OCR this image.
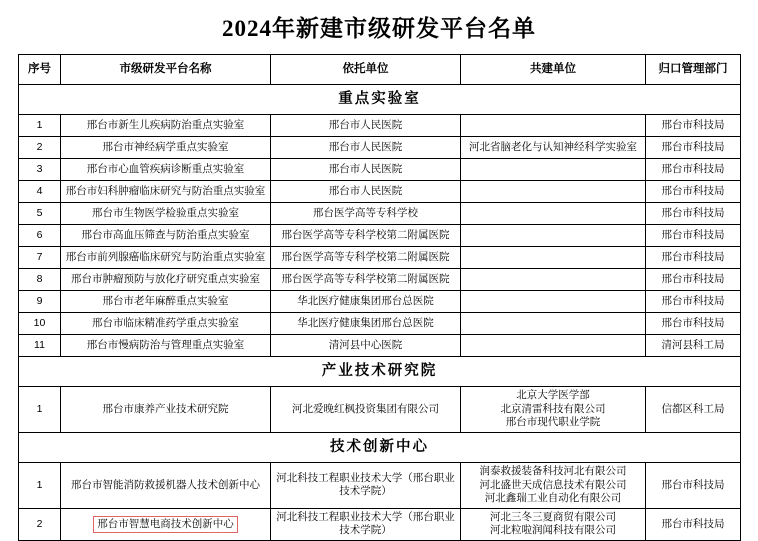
2024年新建市级研发平台名单
序号	市级研发平台名称	依托单位	共建单位	归口管理部门
重点实验室				
1	邢台市新生儿疾病防治重点实验室	邢台市人民医院		邢台市科技局
2	邢台市神经病学重点实验室	邢台市人民医院	河北省脑老化与认知神经科学实验室	邢台市科技局
3	邢台市心血管疾病诊断重点实验室	邢台市人民医院		邢台市科技局
4	邢台市妇科肿瘤临床研究与防治重点实验室	邢台市人民医院		邢台市科技局
5	邢台市生物医学检验重点实验室	邢台医学高等专科学校		邢台市科技局
6	邢台市高血压筛查与防治重点实验室	邢台医学高等专科学校第二附属医院		邢台市科技局
7	邢台市前列腺癌临床研究与防治重点实验室	邢台医学高等专科学校第二附属医院		邢台市科技局
8	邢台市肿瘤预防与放化疗研究重点实验室	邢台医学高等专科学校第二附属医院		邢台市科技局
9	邢台市老年麻醉重点实验室	华北医疗健康集团邢台总医院		邢台市科技局
10	邢台市临床精准药学重点实验室	华北医疗健康集团邢台总医院		邢台市科技局
11	邢台市慢病防治与管理重点实验室	清河县中心医院		清河县科工局
产业技术研究院				
1	邢台市康养产业技术研究院	河北爱晚红枫投资集团有限公司	北京大学医学部
北京清雷科技有限公司
邢台市现代职业学院	信都区科工局
技术创新中心				
1	邢台市智能消防救援机器人技术创新中心	河北科技工程职业技术大学（邢台职业技术学院）	润泰救援装备科技河北有限公司
河北盛世天成信息技术有限公司
河北鑫瑞工业自动化有限公司	邢台市科技局
2	邢台市智慧电商技术创新中心	河北科技工程职业技术大学（邢台职业技术学院）	河北三冬三夏商贸有限公司
河北粒啦润闻科技有限公司	邢台市科技局
